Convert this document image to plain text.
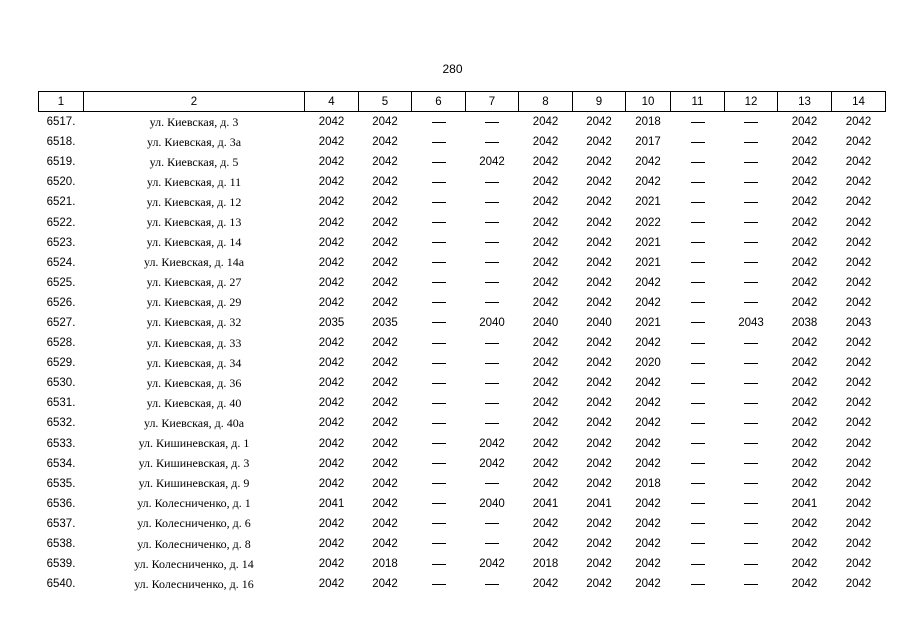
280
1	2	4	5	6	7	8	9	10	11	12	13	14
6517.	ул. Киевская, д. 3	2042	2042			2042	2042	2018			2042	2042
6518.	ул. Киевская, д. 3а	2042	2042			2042	2042	2017			2042	2042
6519.	ул. Киевская, д. 5	2042	2042		2042	2042	2042	2042			2042	2042
6520.	ул. Киевская, д. 11	2042	2042			2042	2042	2042			2042	2042
6521.	ул. Киевская, д. 12	2042	2042			2042	2042	2021			2042	2042
6522.	ул. Киевская, д. 13	2042	2042			2042	2042	2022			2042	2042
6523.	ул. Киевская, д. 14	2042	2042			2042	2042	2021			2042	2042
6524.	ул. Киевская, д. 14а	2042	2042			2042	2042	2021			2042	2042
6525.	ул. Киевская, д. 27	2042	2042			2042	2042	2042			2042	2042
6526.	ул. Киевская, д. 29	2042	2042			2042	2042	2042			2042	2042
6527.	ул. Киевская, д. 32	2035	2035		2040	2040	2040	2021		2043	2038	2043
6528.	ул. Киевская, д. 33	2042	2042			2042	2042	2042			2042	2042
6529.	ул. Киевская, д. 34	2042	2042			2042	2042	2020			2042	2042
6530.	ул. Киевская, д. 36	2042	2042			2042	2042	2042			2042	2042
6531.	ул. Киевская, д. 40	2042	2042			2042	2042	2042			2042	2042
6532.	ул. Киевская, д. 40а	2042	2042			2042	2042	2042			2042	2042
6533.	ул. Кишиневская, д. 1	2042	2042		2042	2042	2042	2042			2042	2042
6534.	ул. Кишиневская, д. 3	2042	2042		2042	2042	2042	2042			2042	2042
6535.	ул. Кишиневская, д. 9	2042	2042			2042	2042	2018			2042	2042
6536.	ул. Колесниченко, д. 1	2041	2042		2040	2041	2041	2042			2041	2042
6537.	ул. Колесниченко, д. 6	2042	2042			2042	2042	2042			2042	2042
6538.	ул. Колесниченко, д. 8	2042	2042			2042	2042	2042			2042	2042
6539.	ул. Колесниченко, д. 14	2042	2018		2042	2018	2042	2042			2042	2042
6540.	ул. Колесниченко, д. 16	2042	2042			2042	2042	2042			2042	2042
